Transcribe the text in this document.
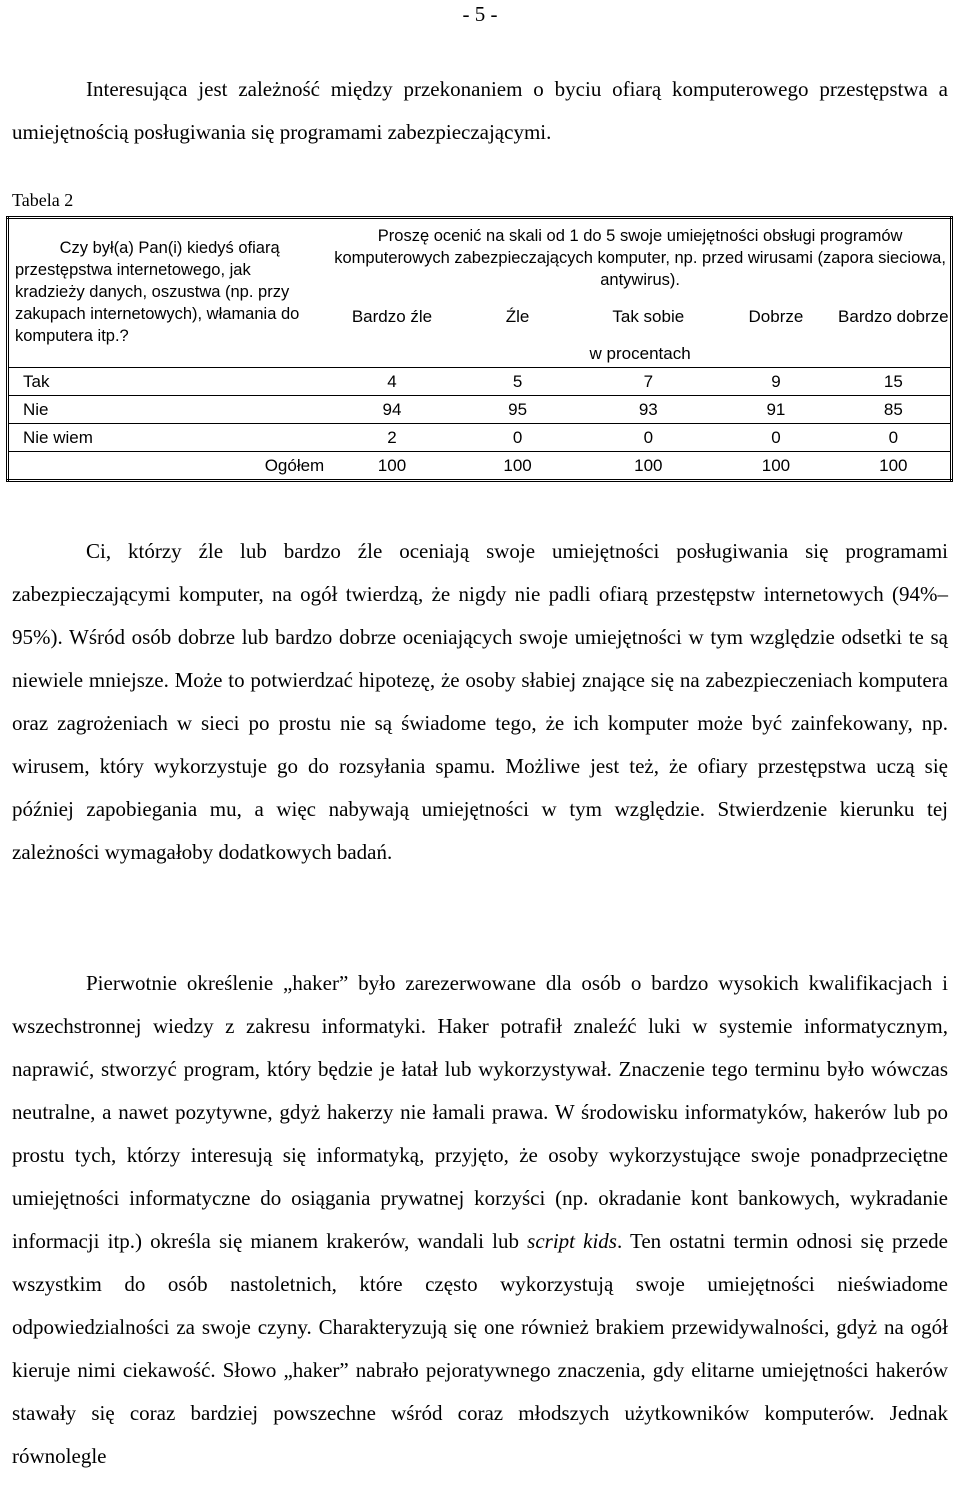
- 5 -

Interesująca jest zależność między przekonaniem o byciu ofiarą komputerowego przestępstwa a umiejętnością posługiwania się programami zabezpieczającymi.

Tabela 2

Czy był(a) Pan(i) kiedyś ofiarą
przestępstwa internetowego, jak kradzieży danych, oszustwa (np. przy zakupach internetowych), włamania do komputera itp.?	Proszę ocenić na skali od 1 do 5 swoje umiejętności obsługi programów komputerowych zabezpieczających komputer, np. przed wirusami (zapora sieciowa, antywirus).				
	Bardzo źle	Źle	Tak sobie	Dobrze	Bardzo dobrze
	w procentach				
Tak	4	5	7	9	15
Nie	94	95	93	91	85
Nie wiem	2	0	0	0	0
Ogółem	100	100	100	100	100

Ci, którzy źle lub bardzo źle oceniają swoje umiejętności posługiwania się programami zabezpieczającymi komputer, na ogół twierdzą, że nigdy nie padli ofiarą przestępstw internetowych (94%–95%). Wśród osób dobrze lub bardzo dobrze oceniających swoje umiejętności w tym względzie odsetki te są niewiele mniejsze. Może to potwierdzać hipotezę, że osoby słabiej znające się na zabezpieczeniach komputera oraz zagrożeniach w sieci po prostu nie są świadome tego, że ich komputer może być zainfekowany, np. wirusem, który wykorzystuje go do rozsyłania spamu. Możliwe jest też, że ofiary przestępstwa uczą się później zapobiegania mu, a więc nabywają umiejętności w tym względzie. Stwierdzenie kierunku tej zależności wymagałoby dodatkowych badań.

Pierwotnie określenie „haker” było zarezerwowane dla osób o bardzo wysokich kwalifikacjach i wszechstronnej wiedzy z zakresu informatyki. Haker potrafił znaleźć luki w systemie informatycznym, naprawić, stworzyć program, który będzie je łatał lub wykorzystywał. Znaczenie tego terminu było wówczas neutralne, a nawet pozytywne, gdyż hakerzy nie łamali prawa. W środowisku informatyków, hakerów lub po prostu tych, którzy interesują się informatyką, przyjęto, że osoby wykorzystujące swoje ponadprzeciętne umiejętności informatyczne do osiągania prywatnej korzyści (np. okradanie kont bankowych, wykradanie informacji itp.) określa się mianem krakerów, wandali lub script kids. Ten ostatni termin odnosi się przede wszystkim do osób nastoletnich, które często wykorzystują swoje umiejętności nieświadome odpowiedzialności za swoje czyny. Charakteryzują się one również brakiem przewidywalności, gdyż na ogół kieruje nimi ciekawość. Słowo „haker” nabrało pejoratywnego znaczenia, gdy elitarne umiejętności hakerów stawały się coraz bardziej powszechne wśród coraz młodszych użytkowników komputerów. Jednak równolegle
